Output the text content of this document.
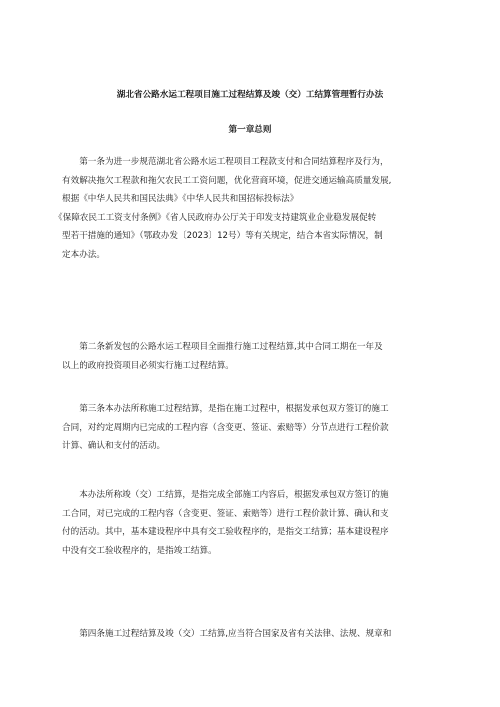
湖北省公路水运工程项目施工过程结算及竣（交）工结算管理暂行办法
第一章总则
　　第一条为进一步规范湖北省公路水运工程项目工程款支付和合同结算程序及行为，
有效解决拖欠工程款和拖欠农民工工资问题，优化营商环境，促进交通运输高质量发展,
根据《中华人民共和国民法典》《中华人民共和国招标投标法》
《保障农民工工资支付条例》《省人民政府办公厅关于印发支持建筑业企业稳发展促转
型若干措施的通知》（鄂政办发〔2023〕12号）等有关规定，结合本省实际情况，制
定本办法。
　　第二条新发包的公路水运工程项目全面推行施工过程结算,其中合同工期在一年及
以上的政府投资项目必须实行施工过程结算。
　　第三条本办法所称施工过程结算，是指在施工过程中，根据发承包双方签订的施工
合同，对约定周期内已完成的工程内容（含变更、签证、索赔等）分节点进行工程价款
计算、确认和支付的活动。
　　本办法所称竣（交）工结算，是指完成全部施工内容后，根据发承包双方签订的施
工合同，对已完成的工程内容（含变更、签证、索赔等）进行工程价款计算、确认和支
付的活动。其中，基本建设程序中具有交工验收程序的，是指交工结算；基本建设程序
中没有交工验收程序的，是指竣工结算。
　　第四条施工过程结算及竣（交）工结算,应当符合国家及省有关法律、法规、规章和
